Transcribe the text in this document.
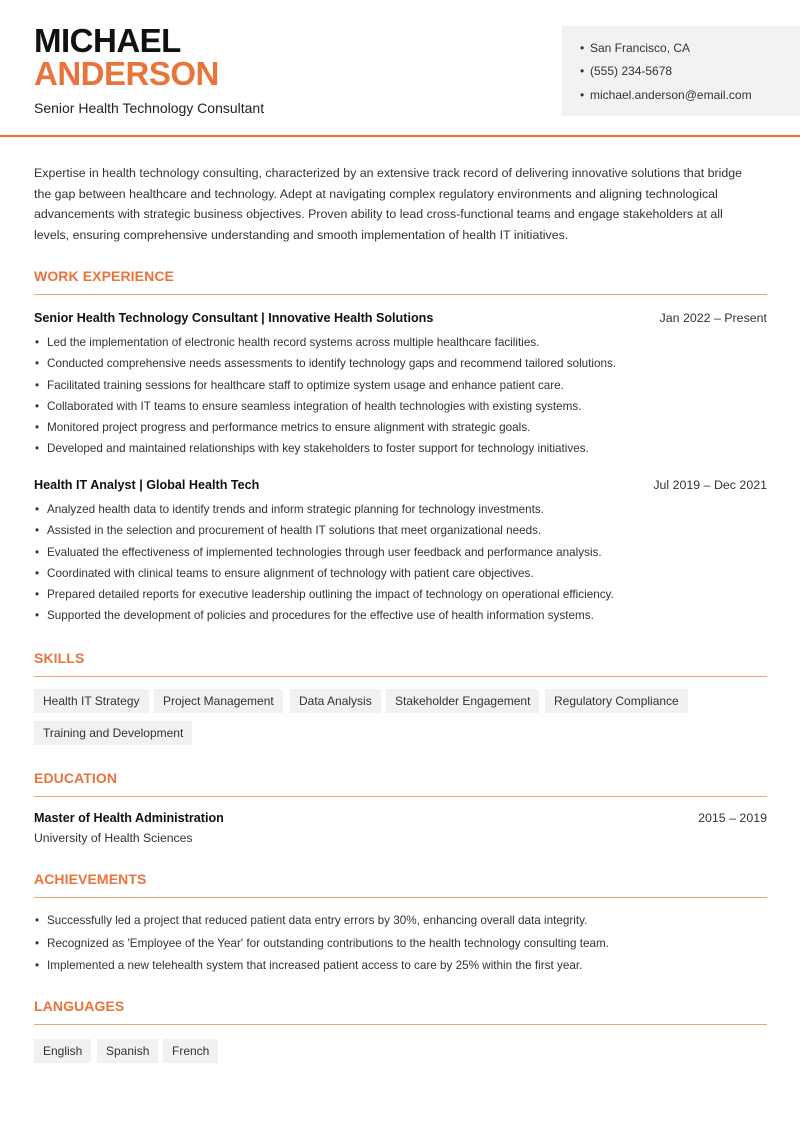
MICHAEL
ANDERSON
Senior Health Technology Consultant
• San Francisco, CA
• (555) 234-5678
• michael.anderson@email.com

Expertise in health technology consulting, characterized by an extensive track record of delivering innovative solutions that bridge the gap between healthcare and technology. Adept at navigating complex regulatory environments and aligning technological advancements with strategic business objectives. Proven ability to lead cross-functional teams and engage stakeholders at all levels, ensuring comprehensive understanding and smooth implementation of health IT initiatives.

WORK EXPERIENCE
Senior Health Technology Consultant | Innovative Health Solutions	Jan 2022 – Present
• Led the implementation of electronic health record systems across multiple healthcare facilities.
• Conducted comprehensive needs assessments to identify technology gaps and recommend tailored solutions.
• Facilitated training sessions for healthcare staff to optimize system usage and enhance patient care.
• Collaborated with IT teams to ensure seamless integration of health technologies with existing systems.
• Monitored project progress and performance metrics to ensure alignment with strategic goals.
• Developed and maintained relationships with key stakeholders to foster support for technology initiatives.
Health IT Analyst | Global Health Tech	Jul 2019 – Dec 2021
• Analyzed health data to identify trends and inform strategic planning for technology investments.
• Assisted in the selection and procurement of health IT solutions that meet organizational needs.
• Evaluated the effectiveness of implemented technologies through user feedback and performance analysis.
• Coordinated with clinical teams to ensure alignment of technology with patient care objectives.
• Prepared detailed reports for executive leadership outlining the impact of technology on operational efficiency.
• Supported the development of policies and procedures for the effective use of health information systems.
SKILLS
Health IT Strategy	Project Management	Data Analysis	Stakeholder Engagement	Regulatory Compliance
Training and Development
EDUCATION
Master of Health Administration	2015 – 2019
University of Health Sciences
ACHIEVEMENTS
• Successfully led a project that reduced patient data entry errors by 30%, enhancing overall data integrity.
• Recognized as 'Employee of the Year' for outstanding contributions to the health technology consulting team.
• Implemented a new telehealth system that increased patient access to care by 25% within the first year.
LANGUAGES
English	Spanish	French
